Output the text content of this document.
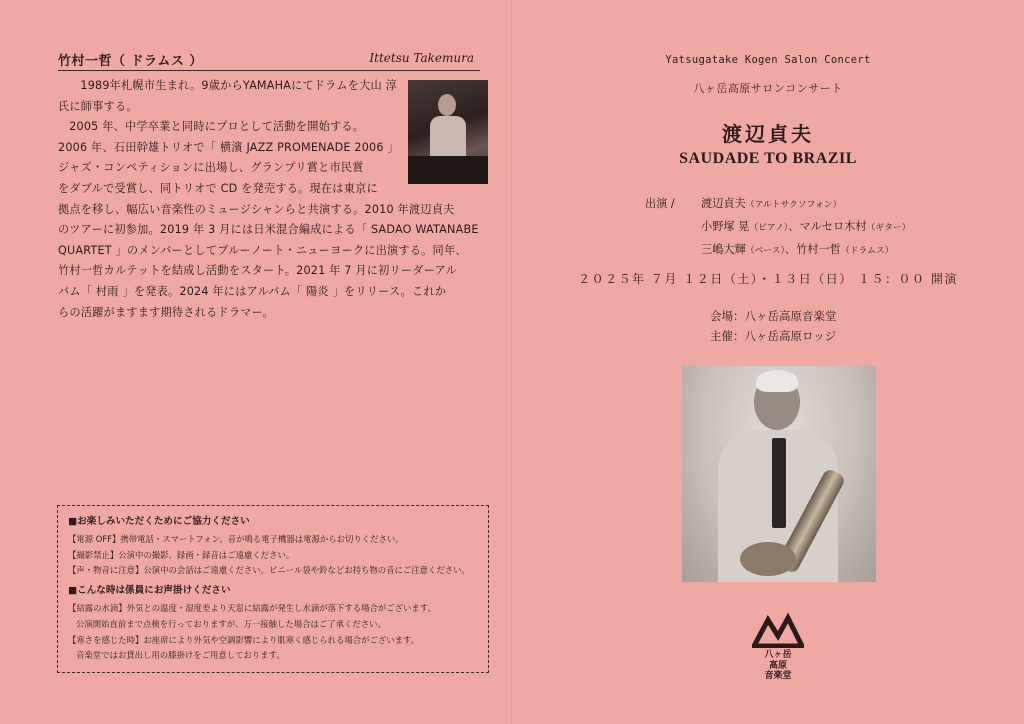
竹村一哲（ ドラムス ）	Ittetsu Takemura
1989年札幌市生まれ。9歳からYAMAHAにてドラムを大山 淳
氏に師事する。
2005 年、中学卒業と同時にプロとして活動を開始する。
2006 年、石田幹雄トリオで「 横濱 JAZZ PROMENADE 2006 」
ジャズ・コンペティションに出場し、グランプリ賞と市民賞
をダブルで受賞し、同トリオで CD を発売する。現在は東京に
拠点を移し、幅広い音楽性のミュージシャンらと共演する。2010 年渡辺貞夫
のツアーに初参加。2019 年 3 月には日米混合編成による「 SADAO WATANABE
QUARTET 」のメンバーとしてブルーノート・ニューヨークに出演する。同年、
竹村一哲カルテットを結成し活動をスタート。2021 年 7 月に初リーダーアル
バム「 村雨 」を発表。2024 年にはアルバム「 陽炎 」をリリース。これか
らの活躍がますます期待されるドラマー。
■お楽しみいただくためにご協力ください
【電源 OFF】携帯電話・スマートフォン、音が鳴る電子機器は電源からお切りください。
【撮影禁止】公演中の撮影、録画・録音はご遠慮ください。
【声・物音に注意】公演中の会話はご遠慮ください。ビニール袋や鈴などお持ち物の音にご注意ください。
■こんな時は係員にお声掛けください
【結露の水滴】外気との温度・湿度差より天窓に結露が発生し水滴が落下する場合がございます。
公演開始直前まで点検を行っておりますが、万一接触した場合はご了承ください。
【寒さを感じた時】お座席により外気や空調影響により肌寒く感じられる場合がございます。
音楽堂ではお貸出し用の膝掛けをご用意しております。
Yatsugatake Kogen Salon Concert
八ヶ岳高原サロンコンサート
渡辺貞夫
SAUDADE TO BRAZIL
出演 / 渡辺貞夫（アルトサクソフォン）
小野塚 晃（ピアノ）、マルセロ木村（ギター）
三嶋大輝（ベース）、竹村一哲（ドラムス）
２０２５年 ７月 １２日（土）・１３日（日） １５：００ 開演
会場：八ヶ岳高原音楽堂
主催：八ヶ岳高原ロッジ
八ヶ岳
高原
音楽堂
